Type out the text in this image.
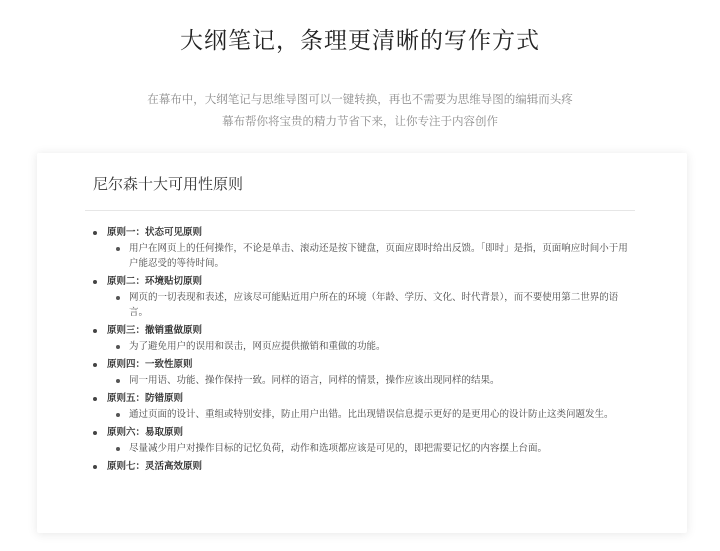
大纲笔记，条理更清晰的写作方式

在幕布中，大纲笔记与思维导图可以一键转换，再也不需要为思维导图的编辑而头疼
幕布帮你将宝贵的精力节省下来，让你专注于内容创作

尼尔森十大可用性原则
原则一：状态可见原则
用户在网页上的任何操作，不论是单击、滚动还是按下键盘，页面应即时给出反馈。「即时」是指，页面响应时间小于用户能忍受的等待时间。
原则二：环境贴切原则
网页的一切表现和表述，应该尽可能贴近用户所在的环境（年龄、学历、文化、时代背景），而不要使用第二世界的语言。
原则三：撤销重做原则
为了避免用户的误用和误击，网页应提供撤销和重做的功能。
原则四：一致性原则
同一用语、功能、操作保持一致。同样的语言，同样的情景，操作应该出现同样的结果。
原则五：防错原则
通过页面的设计、重组或特别安排，防止用户出错。比出现错误信息提示更好的是更用心的设计防止这类问题发生。
原则六：易取原则
尽量减少用户对操作目标的记忆负荷，动作和选项都应该是可见的，即把需要记忆的内容摆上台面。
原则七：灵活高效原则
